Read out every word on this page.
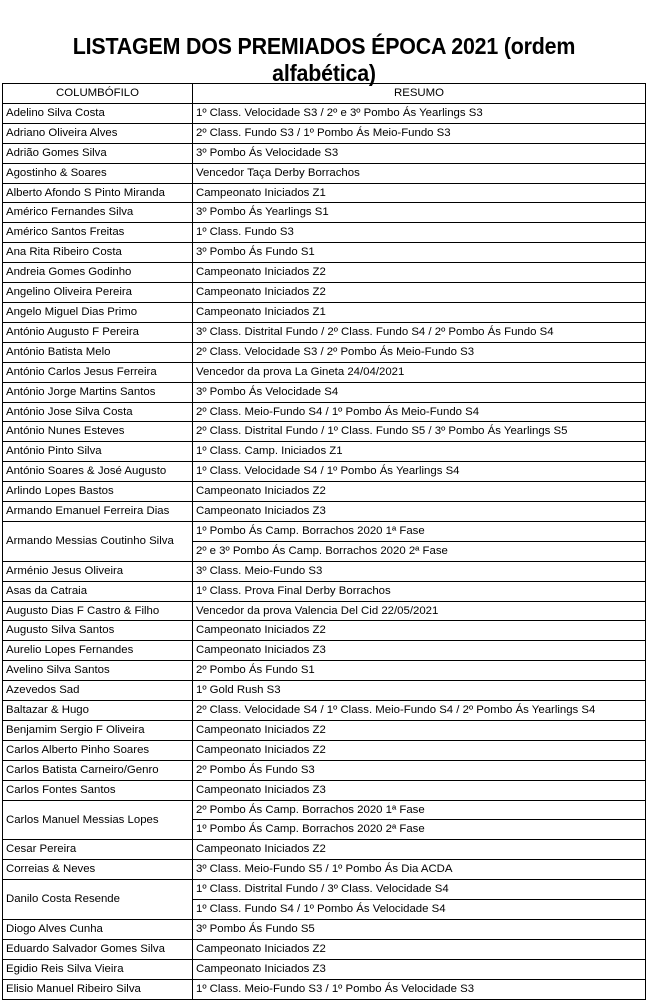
LISTAGEM DOS PREMIADOS ÉPOCA 2021 (ordem alfabética)
COLUMBÓFILO	RESUMO
Adelino Silva Costa	1º Class. Velocidade S3 / 2º e 3º Pombo Ás Yearlings S3

Adriano Oliveira Alves	2º Class. Fundo S3 / 1º Pombo Ás Meio-Fundo S3

Adrião Gomes Silva	3º Pombo Ás Velocidade S3

Agostinho & Soares	Vencedor Taça Derby Borrachos

Alberto Afondo S Pinto Miranda	Campeonato Iniciados Z1

Américo Fernandes Silva	3º Pombo Ás Yearlings S1

Américo Santos Freitas	1º Class. Fundo S3

Ana Rita Ribeiro Costa	3º Pombo Ás Fundo S1

Andreia Gomes Godinho	Campeonato Iniciados Z2

Angelino Oliveira Pereira	Campeonato Iniciados Z2

Angelo Miguel Dias Primo	Campeonato Iniciados Z1

António Augusto F Pereira	3º Class. Distrital Fundo / 2º Class. Fundo S4 / 2º Pombo Ás Fundo S4

António Batista Melo	2º Class. Velocidade S3 / 2º Pombo Ás Meio-Fundo S3

António Carlos Jesus Ferreira	Vencedor da prova La Gineta 24/04/2021

António Jorge Martins Santos	3º Pombo Ás Velocidade S4

António Jose Silva Costa	2º Class. Meio-Fundo S4 / 1º Pombo Ás Meio-Fundo S4

António Nunes Esteves	2º Class. Distrital Fundo / 1º Class. Fundo S5 / 3º Pombo Ás Yearlings S5

António Pinto Silva	1º Class. Camp. Iniciados Z1

António Soares & José Augusto	1º Class. Velocidade S4 / 1º Pombo Ás Yearlings S4

Arlindo Lopes Bastos	Campeonato Iniciados Z2

Armando Emanuel Ferreira Dias	Campeonato Iniciados Z3

Armando Messias Coutinho Silva	1º Pombo Ás Camp. Borrachos 2020 1ª Fase
2º e 3º Pombo Ás Camp. Borrachos 2020 2ª Fase

Arménio Jesus Oliveira	3º Class. Meio-Fundo S3

Asas da Catraia	1º Class. Prova Final Derby Borrachos

Augusto Dias F Castro & Filho	Vencedor da prova Valencia Del Cid 22/05/2021

Augusto Silva Santos	Campeonato Iniciados Z2

Aurelio Lopes Fernandes	Campeonato Iniciados Z3

Avelino Silva Santos	2º Pombo Ás Fundo S1

Azevedos Sad	1º Gold Rush S3

Baltazar & Hugo	2º Class. Velocidade S4 / 1º Class. Meio-Fundo S4 / 2º Pombo Ás Yearlings S4

Benjamim Sergio F Oliveira	Campeonato Iniciados Z2

Carlos Alberto Pinho Soares	Campeonato Iniciados Z2

Carlos Batista Carneiro/Genro	2º Pombo Ás Fundo S3

Carlos Fontes Santos	Campeonato Iniciados Z3

Carlos Manuel Messias Lopes	2º Pombo Ás Camp. Borrachos 2020 1ª Fase
1º Pombo Ás Camp. Borrachos 2020 2ª Fase

Cesar Pereira	Campeonato Iniciados Z2

Correias & Neves	3º Class. Meio-Fundo S5 / 1º Pombo Ás Dia ACDA

Danilo Costa Resende	1º Class. Distrital Fundo / 3º Class. Velocidade S4
1º Class. Fundo S4 / 1º Pombo Ás Velocidade S4

Diogo Alves Cunha	3º Pombo Ás Fundo S5

Eduardo Salvador Gomes Silva	Campeonato Iniciados Z2

Egidio Reis Silva Vieira	Campeonato Iniciados Z3

Elisio Manuel Ribeiro Silva	1º Class. Meio-Fundo S3 / 1º Pombo Ás Velocidade S3
